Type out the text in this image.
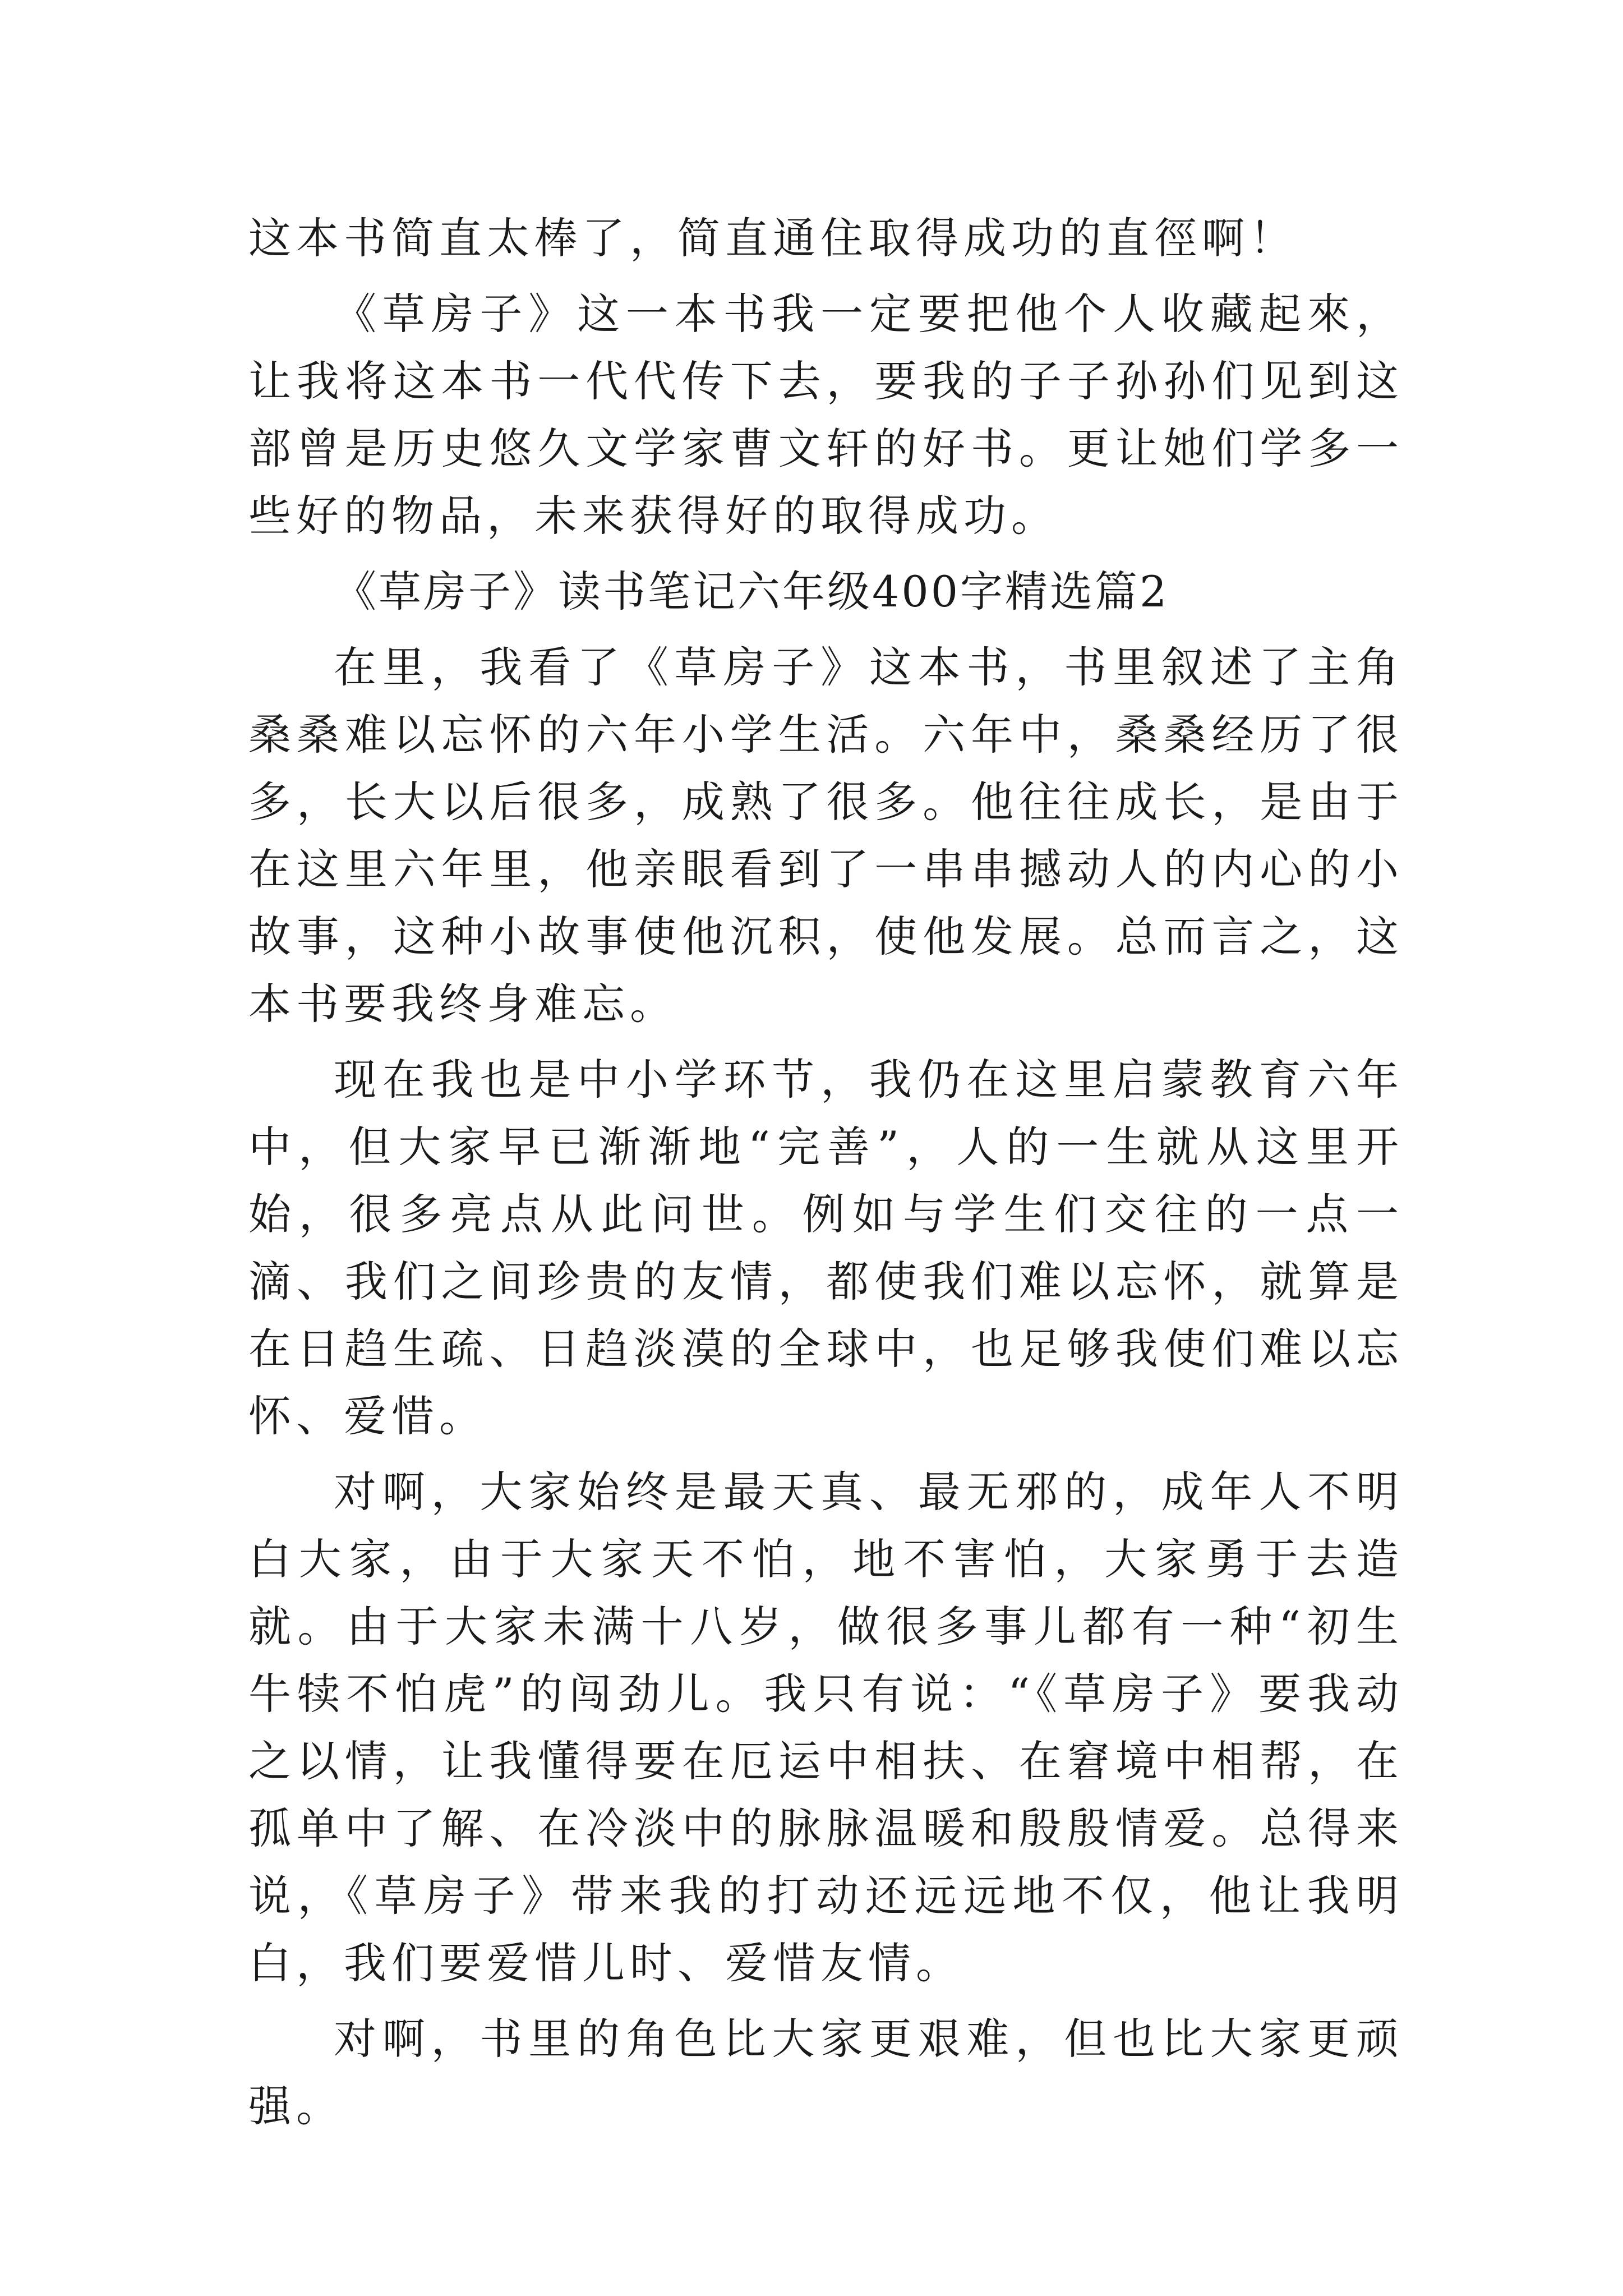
这本书简直太棒了，简直通住取得成功的直徑啊！

《草房子》这一本书我一定要把他个人收藏起來，让我将这本书一代代传下去，要我的子子孙孙们见到这部曾是历史悠久文学家曹文轩的好书。更让她们学多一些好的物品，未来获得好的取得成功。

《草房子》读书笔记六年级400字精选篇2

在里，我看了《草房子》这本书，书里叙述了主角桑桑难以忘怀的六年小学生活。六年中，桑桑经历了很多，长大以后很多，成熟了很多。他往往成长，是由于在这里六年里，他亲眼看到了一串串撼动人的内心的小故事，这种小故事使他沉积，使他发展。总而言之，这本书要我终身难忘。

现在我也是中小学环节，我仍在这里启蒙教育六年中，但大家早已渐渐地“完善”，人的一生就从这里开始，很多亮点从此问世。例如与学生们交往的一点一滴、我们之间珍贵的友情，都使我们难以忘怀，就算是在日趋生疏、日趋淡漠的全球中，也足够我使们难以忘怀、爱惜。

对啊，大家始终是最天真、最无邪的，成年人不明白大家，由于大家天不怕，地不害怕，大家勇于去造就。由于大家未满十八岁，做很多事儿都有一种“初生牛犊不怕虎”的闯劲儿。我只有说：“《草房子》要我动之以情，让我懂得要在厄运中相扶、在窘境中相帮，在孤单中了解、在冷淡中的脉脉温暖和殷殷情爱。总得来说，《草房子》带来我的打动还远远地不仅，他让我明白，我们要爱惜儿时、爱惜友情。

对啊，书里的角色比大家更艰难，但也比大家更顽强。
